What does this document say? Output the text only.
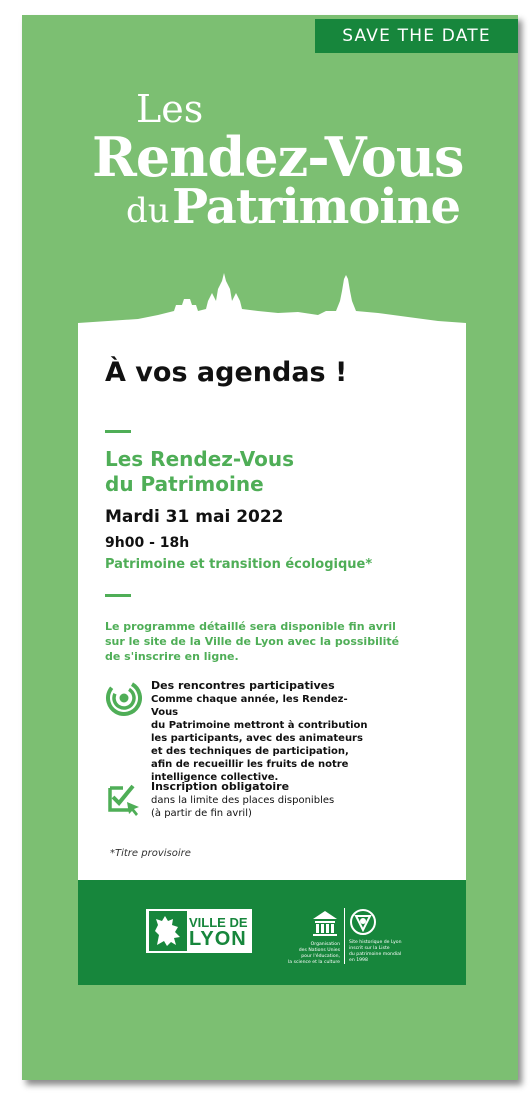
SAVE THE DATE
Les
Rendez-Vous
du Patrimoine
À vos agendas !
Les Rendez-Vous
du Patrimoine
Mardi 31 mai 2022
9h00 - 18h
Patrimoine et transition écologique*
Le programme détaillé sera disponible fin avril
sur le site de la Ville de Lyon avec la possibilité
de s'inscrire en ligne.
Des rencontres participatives
Comme chaque année, les Rendez-Vous
du Patrimoine mettront à contribution
les participants, avec des animateurs
et des techniques de participation,
afin de recueillir les fruits de notre
intelligence collective.
Inscription obligatoire
dans la limite des places disponibles
(à partir de fin avril)
*Titre provisoire
VILLE DE
LYON	Organisation
des Nations Unies
pour l'éducation,
la science et la culture
Site historique de Lyon
inscrit sur la Liste
du patrimoine mondial
en 1998
